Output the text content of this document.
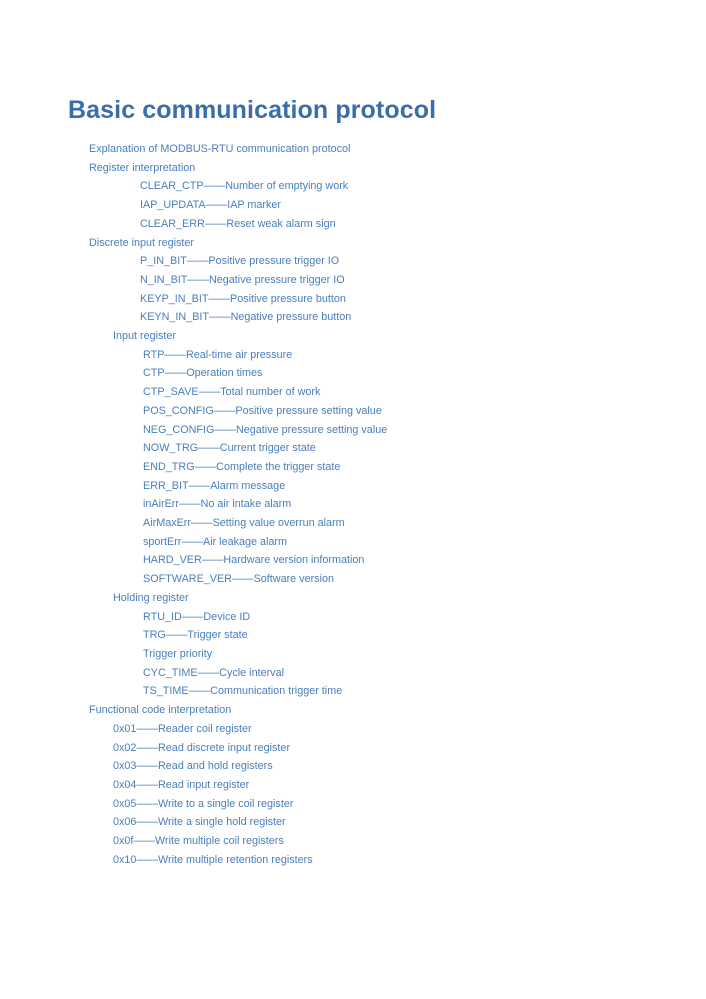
Basic communication protocol
Explanation of MODBUS-RTU communication protocol
Register interpretation
CLEAR_CTP——Number of emptying work
IAP_UPDATA——IAP marker
CLEAR_ERR——Reset weak alarm sign
Discrete input register
P_IN_BIT——Positive pressure trigger IO
N_IN_BIT——Negative pressure trigger IO
KEYP_IN_BIT——Positive pressure button
KEYN_IN_BIT——Negative pressure button
Input register
RTP——Real-time air pressure
CTP——Operation times
CTP_SAVE——Total number of work
POS_CONFIG——Positive pressure setting value
NEG_CONFIG——Negative pressure setting value
NOW_TRG——Current trigger state
END_TRG——Complete the trigger state
ERR_BIT——Alarm message
inAirErr——No air intake alarm
AirMaxErr——Setting value overrun alarm
sportErr——Air leakage alarm
HARD_VER——Hardware version information
SOFTWARE_VER——Software version
Holding register
RTU_ID——Device ID
TRG——Trigger state
Trigger priority
CYC_TIME——Cycle interval
TS_TIME——Communication trigger time
Functional code interpretation
0x01——Reader coil register
0x02——Read discrete input register
0x03——Read and hold registers
0x04——Read input register
0x05——Write to a single coil register
0x06——Write a single hold register
0x0f——Write multiple coil registers
0x10——Write multiple retention registers
